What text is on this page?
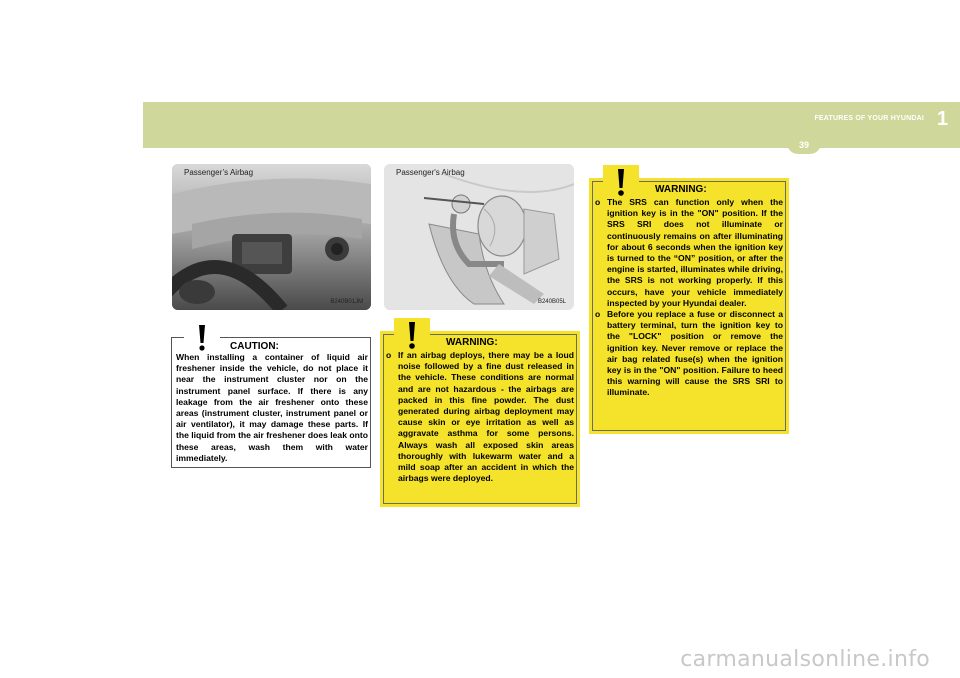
FEATURES OF YOUR HYUNDAI 1
39
Passenger’s Airbag
B240B01JM
Passenger's Airbag
B240B05L
CAUTION:
When installing a container of liquid air freshener inside the vehicle, do not place it near the instrument cluster nor on the instrument panel surface. If there is any leakage from the air freshener onto these areas (instrument cluster, instrument panel or air ventilator), it may damage these parts. If the liquid from the air freshener does leak onto these areas, wash them with water immediately.
WARNING:
o If an airbag deploys, there may be a loud noise followed by a fine dust released in the vehicle. These conditions are normal and are not hazardous - the airbags are packed in this fine powder. The dust generated during airbag deployment may cause skin or eye irritation as well as aggravate asthma for some persons. Always wash all exposed skin areas thoroughly with lukewarm water and a mild soap after an accident in which the airbags were deployed.
WARNING:
o The SRS can function only when the ignition key is in the "ON" position. If the SRS SRI does not illuminate or continuously remains on after illuminating for about 6 seconds when the ignition key is turned to the “ON” position, or after the engine is started, illuminates while driving, the SRS is not working properly. If this occurs, have your vehicle immediately inspected by your Hyundai dealer.
o Before you replace a fuse or disconnect a battery terminal, turn the ignition key to the "LOCK" position or remove the ignition key. Never remove or replace the air bag related fuse(s) when the ignition key is in the "ON" position. Failure to heed this warning will cause the SRS SRI to illuminate.
carmanualsonline.info
